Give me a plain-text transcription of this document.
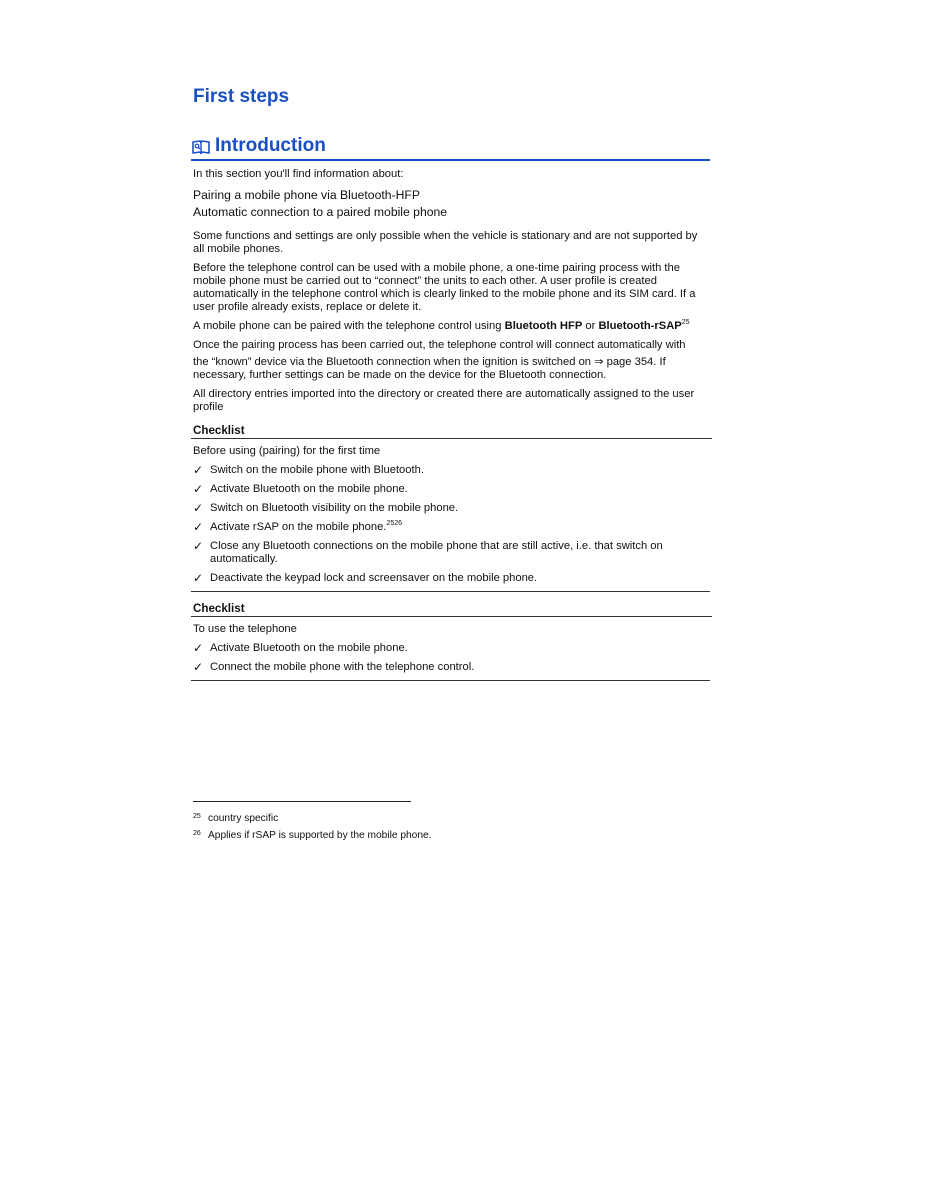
First steps
Introduction

In this section you'll find information about:

Pairing a mobile phone via Bluetooth-HFP
Automatic connection to a paired mobile phone

Some functions and settings are only possible when the vehicle is stationary and are not supported by all mobile phones.

Before the telephone control can be used with a mobile phone, a one-time pairing process with the mobile phone must be carried out to “connect” the units to each other. A user profile is created automatically in the telephone control which is clearly linked to the mobile phone and its SIM card. If a user profile already exists, replace or delete it.

A mobile phone can be paired with the telephone control using Bluetooth HFP or Bluetooth-rSAP$^{25}$

Once the pairing process has been carried out, the telephone control will connect automatically with

the “known” device via the Bluetooth connection when the ignition is switched on ⇒ page 354. If necessary, further settings can be made on the device for the Bluetooth connection.

All directory entries imported into the directory or created there are automatically assigned to the user profile

Checklist

Before using (pairing) for the first time

✓ Switch on the mobile phone with Bluetooth.
✓ Activate Bluetooth on the mobile phone.
✓ Switch on Bluetooth visibility on the mobile phone.
✓ Activate rSAP on the mobile phone.$^{2526}$
✓ Close any Bluetooth connections on the mobile phone that are still active, i.e. that switch on automatically.
✓ Deactivate the keypad lock and screensaver on the mobile phone.
Checklist

To use the telephone

✓ Activate Bluetooth on the mobile phone.
✓ Connect the mobile phone with the telephone control.
25 country specific
26 Applies if rSAP is supported by the mobile phone.
